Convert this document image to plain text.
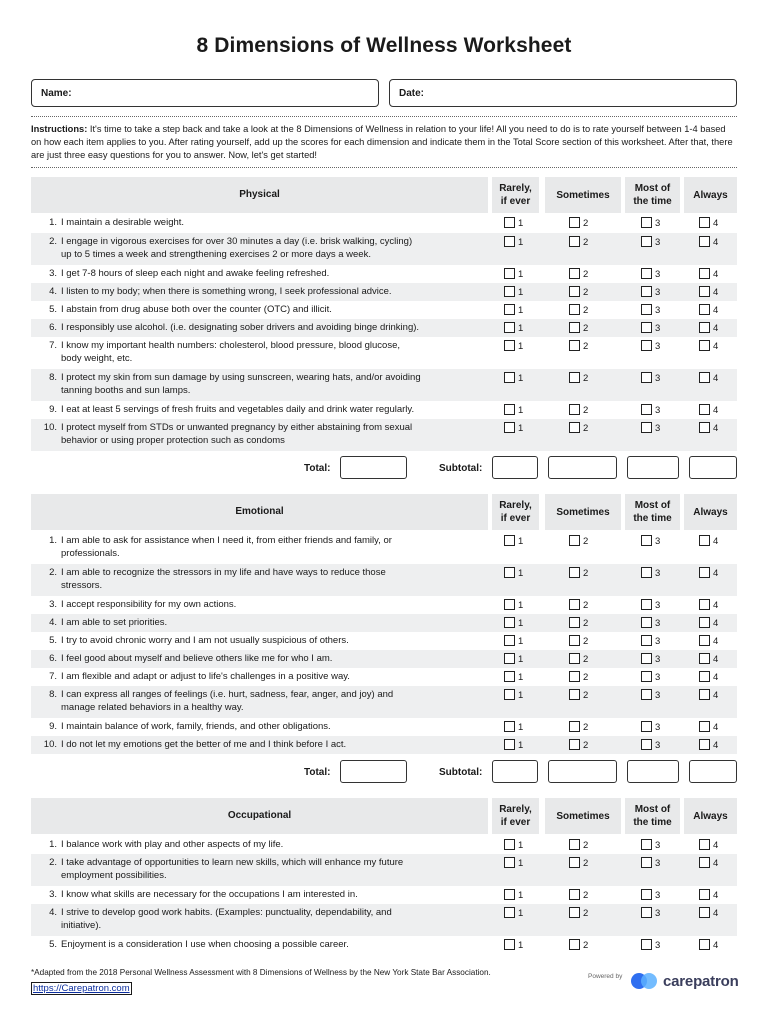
8 Dimensions of Wellness Worksheet
Name:	Date:
Instructions: It's time to take a step back and take a look at the 8 Dimensions of Wellness in relation to your life! All you need to do is to rate yourself between 1-4 based on how each item applies to you. After rating yourself, add up the scores for each dimension and indicate them in the Total Score section of this worksheet. After that, there are just three easy questions for you to answer. Now, let's get started!
Physical
Rarely,
if ever
Sometimes
Most of
the time
Always
1. I maintain a desirable weight.	1	2	3	4
2. I engage in vigorous exercises for over 30 minutes a day (i.e. brisk walking, cycling)
up to 5 times a week and strengthening exercises 2 or more days a week.
1	2	3	4
3. I get 7-8 hours of sleep each night and awake feeling refreshed.	1	2	3	4
4. I listen to my body; when there is something wrong, I seek professional advice.	1	2	3	4
5. I abstain from drug abuse both over the counter (OTC) and illicit.	1	2	3	4
6. I responsibly use alcohol. (i.e. designating sober drivers and avoiding binge drinking).	1	2	3	4
7. I know my important health numbers: cholesterol, blood pressure, blood glucose,
body weight, etc.
1	2	3	4
8. I protect my skin from sun damage by using sunscreen, wearing hats, and/or avoiding
tanning booths and sun lamps.
1	2	3	4
9. I eat at least 5 servings of fresh fruits and vegetables daily and drink water regularly.	1	2	3	4
10. I protect myself from STDs or unwanted pregnancy by either abstaining from sexual
behavior or using proper protection such as condoms
1	2	3	4
Total:	Subtotal:
Emotional
Rarely,
if ever
Sometimes
Most of
the time
Always
1. I am able to ask for assistance when I need it, from either friends and family, or
professionals.
1	2	3	4
2. I am able to recognize the stressors in my life and have ways to reduce those
stressors.
1	2	3	4
3. I accept responsibility for my own actions.	1	2	3	4
4. I am able to set priorities.	1	2	3	4
5. I try to avoid chronic worry and I am not usually suspicious of others.	1	2	3	4
6. I feel good about myself and believe others like me for who I am.	1	2	3	4
7. I am flexible and adapt or adjust to life's challenges in a positive way.	1	2	3	4
8. I can express all ranges of feelings (i.e. hurt, sadness, fear, anger, and joy) and
manage related behaviors in a healthy way.
1	2	3	4
9. I maintain balance of work, family, friends, and other obligations.	1	2	3	4
10. I do not let my emotions get the better of me and I think before I act.	1	2	3	4
Total:	Subtotal:
Occupational
Rarely,
if ever
Sometimes
Most of
the time
Always
1. I balance work with play and other aspects of my life.	1	2	3	4
2. I take advantage of opportunities to learn new skills, which will enhance my future
employment possibilities.
1	2	3	4
3. I know what skills are necessary for the occupations I am interested in.	1	2	3	4
4. I strive to develop good work habits. (Examples: punctuality, dependability, and
initiative).
1	2	3	4
5. Enjoyment is a consideration I use when choosing a possible career.	1	2	3	4
*Adapted from the 2018 Personal Wellness Assessment with 8 Dimensions of Wellness by the New York State Bar Association.
https://Carepatron.com
Powered by	carepatron
